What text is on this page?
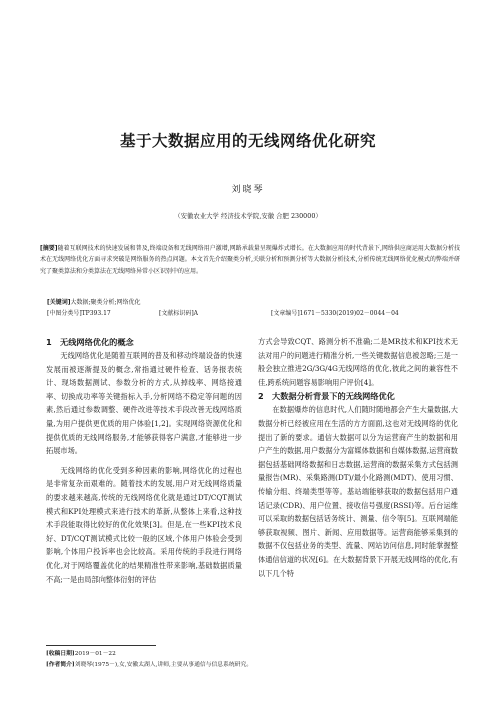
基于大数据应用的无线网络优化研究
刘晓琴
（安徽农业大学 经济技术学院,安徽 合肥 230000）
[摘要]随着互联网技术的快速发展和普及,终端设备和无线网络用户激增,网路承载量呈现爆炸式增长。在大数据应用的时代背景下,网络供应商运用大数据分析技术在无线网络优化方面寻求突破是网络服务的热点问题。本文首先介绍聚类分析,关联分析和预测分析等大数据分析技术,分析传统无线网络优化模式的弊端并研究了聚类算法和分类算法在无线网络异常小区识别中的应用。
[关键词]大数据;聚类分析;网络优化
[中图分类号]TP393.17	[文献标识码]A	[文章编号]1671－5330(2019)02－0044－04
1 无线网络优化的概念

无线网络优化是随着互联网的普及和移动终端设备的快速发展而被逐渐提及的概念,常指通过硬件检查、话务报表统计、现场数据测试、参数分析的方式,从掉线率、网络接通率、切换成功率等关键指标入手,分析网络不稳定等问题的因素,然后通过参数调整、硬件改进等技术手段改善无线网络质量,为用户提供更优质的用户体验[1,2]。实现网络资源优化和提供优质的无线网络服务,才能够获得客户满意,才能够进一步拓展市场。

无线网络的优化受到多种因素的影响,网络优化的过程也是非常复杂而艰难的。随着技术的发展,用户对无线网络质量的要求越来越高,传统的无线网络优化就是通过DT/CQT测试模式和KPI处理模式来进行技术的革新,从整体上来看,这种技术手段能取得比较好的优化效果[3]。但是,在一些KPI技术良好、DT/CQT测试模式比较一般的区域,个体用户体验会受到影响,个体用户投诉率也会比较高。采用传统的手段进行网络优化,对于网络覆盖优化的结果精准性带来影响,基础数据质量不高;一是由局部向整体衍射的评估

方式会导致CQT、路测分析不准确;二是MR技术和KPI技术无法对用户的问题进行精准分析,一些关键数据信息被忽略;三是一般会独立推进2G/3G/4G无线网络的优化,彼此之间的兼容性不佳,跨系统问题容易影响用户评价[4]。

2 大数据分析背景下的无线网络优化

在数据爆炸的信息时代,人们随时随地都会产生大量数据,大数据分析已经被应用在生活的方方面面,这也对无线网络的优化提出了新的要求。通信大数据可以分为运营商产生的数据和用户产生的数据,用户数据分为富媒体数据和自媒体数据,运营商数据包括基础网络数据和日志数据,运营商的数据采集方式包括测量报告(MR)、采集路测(DT)/最小化路测(MDT)、使用习惯、传输分组、终端类型等等。基站端能够获取的数据包括用户通话记录(CDR)、用户位置、接收信号强度(RSSI)等。后台运维可以采取的数据包括话务统计、测量、信令等[5]。互联网端能够获取视频、图片、新闻、应用数据等。运营商能够采集到的数据不仅包括业务的类型、流量、网站访问信息,同时能掌握整体通信信道的状况[6]。在大数据背景下开展无线网络的优化,有以下几个特

[收稿日期]2019－01－22
[作者简介]刘晓琴(1975－),女,安徽太湖人,讲师,主要从事通信与信息系统研究。
